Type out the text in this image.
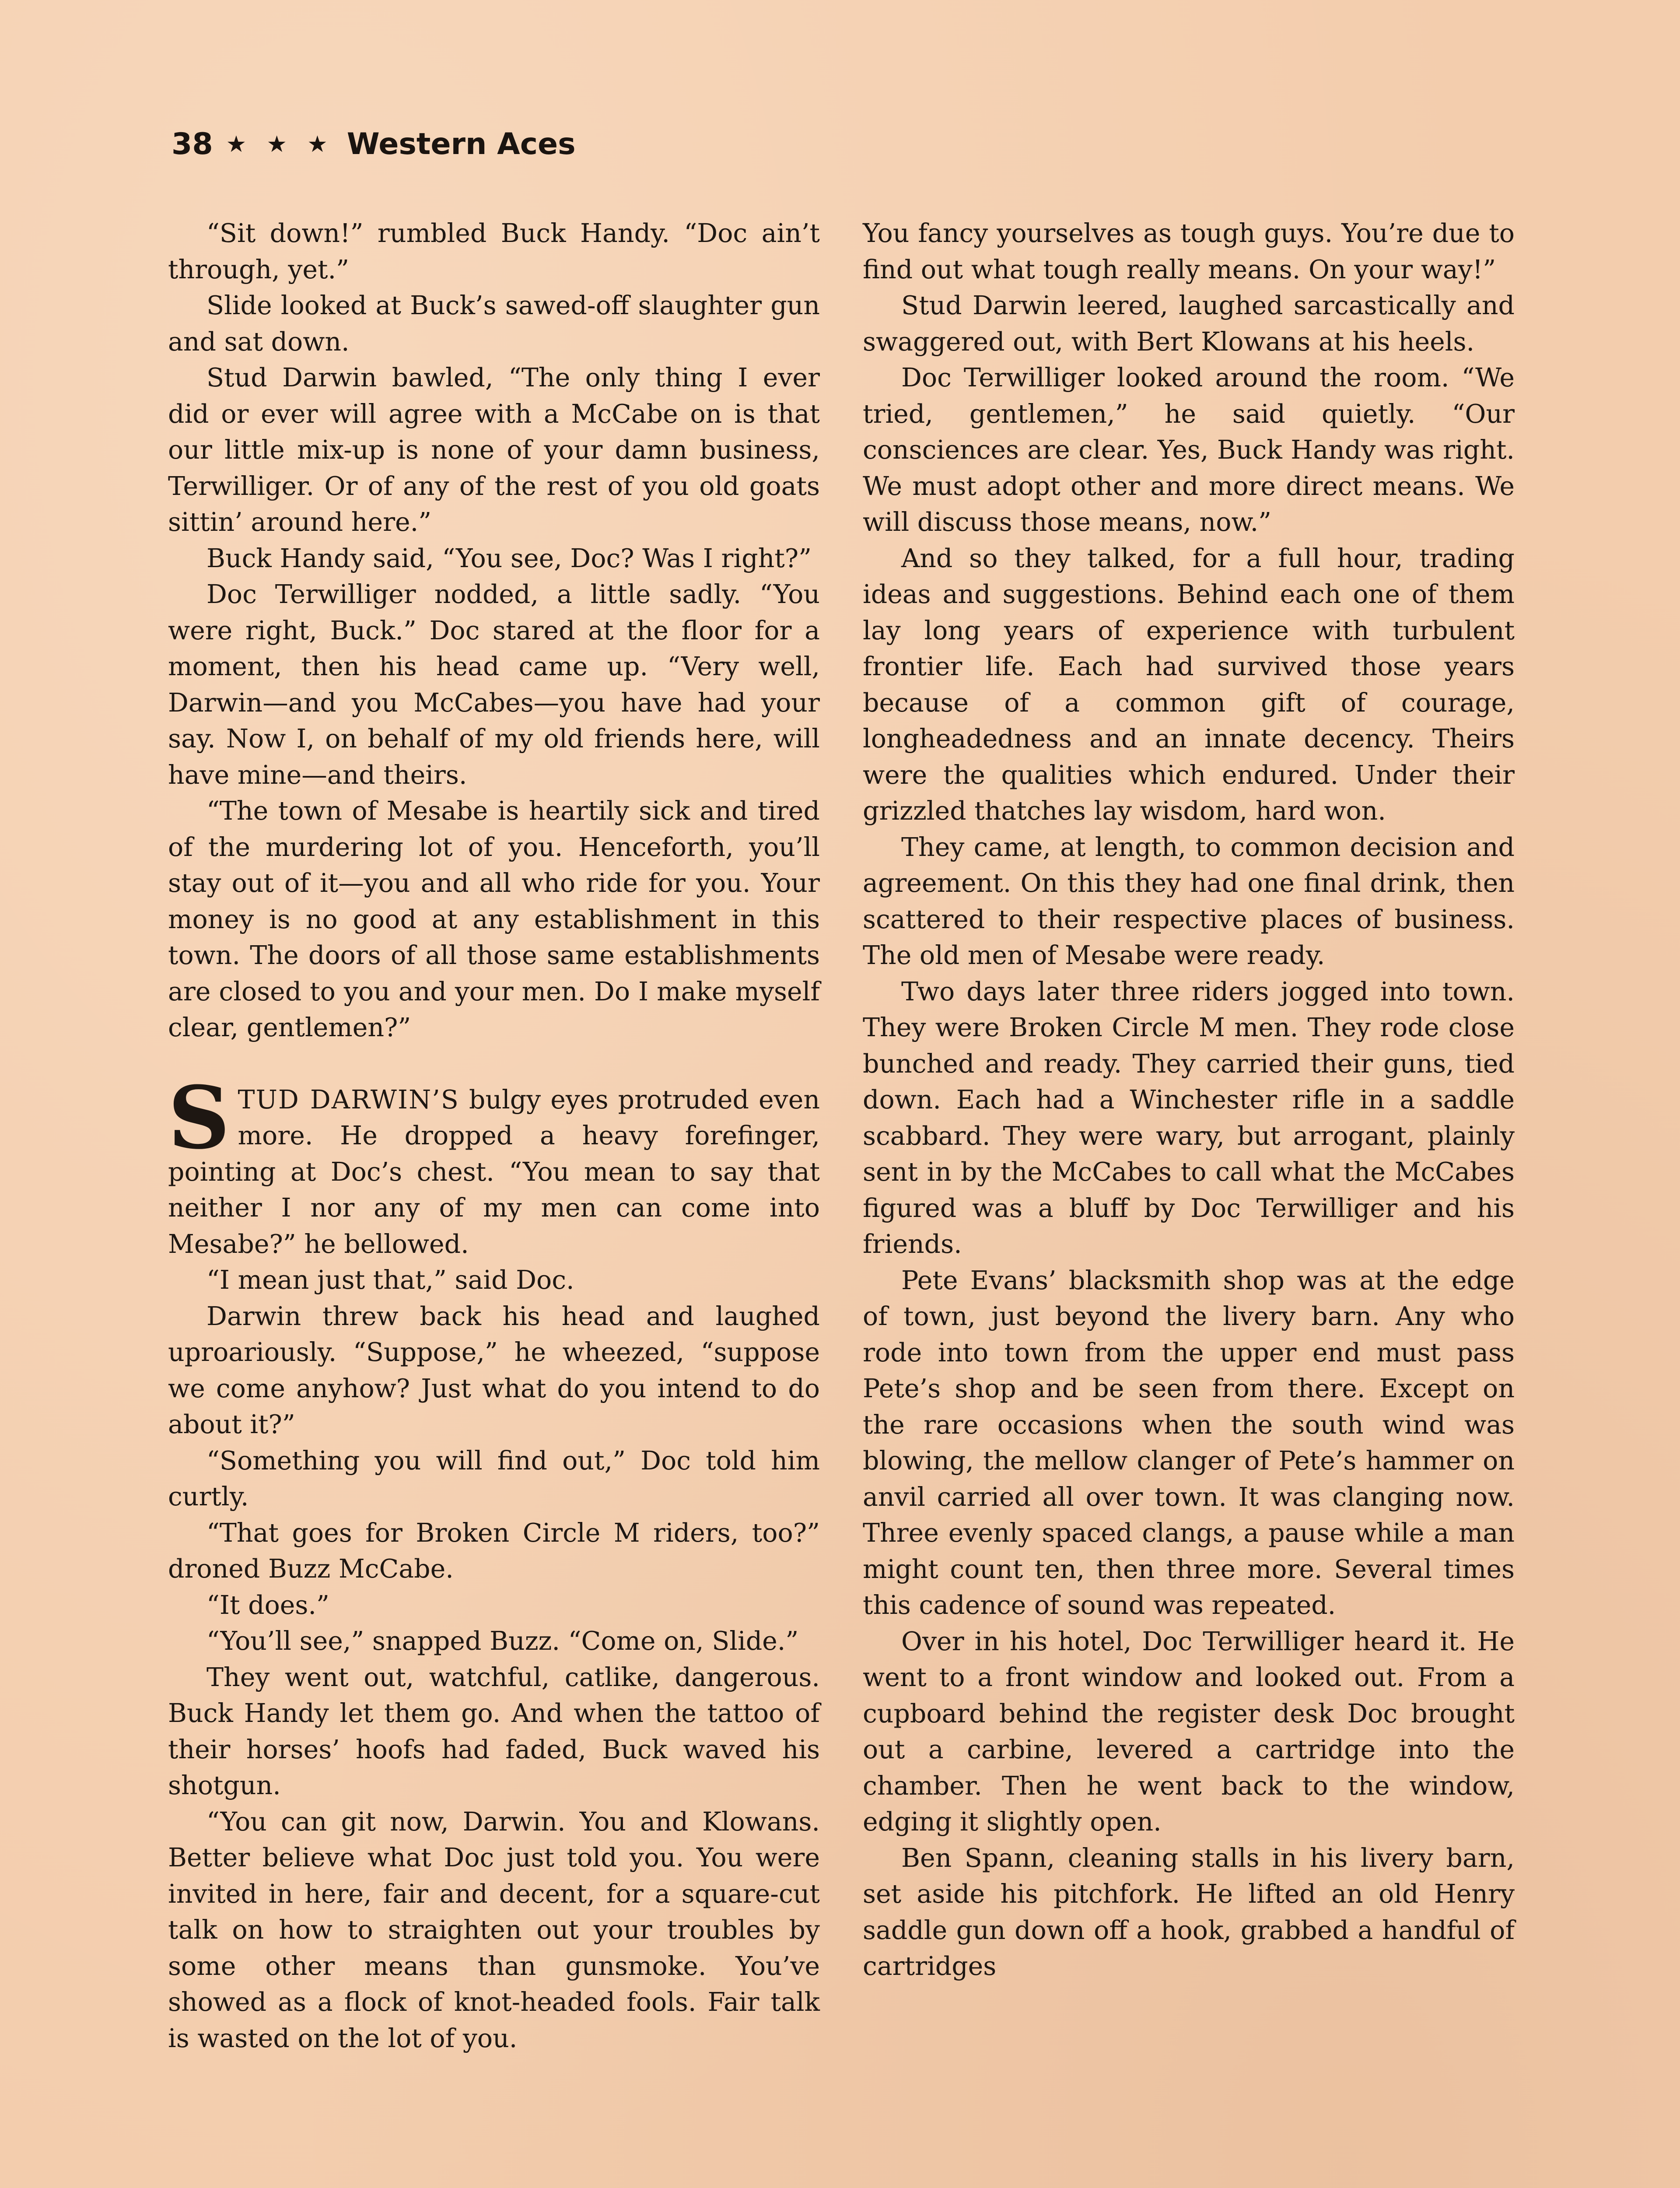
38 ★ ★ ★ Western Aces

“Sit down!” rumbled Buck Handy. “Doc ain’t through, yet.”

Slide looked at Buck’s sawed-off slaughter gun and sat down.

Stud Darwin bawled, “The only thing I ever did or ever will agree with a McCabe on is that our little mix-up is none of your damn business, Terwilliger. Or of any of the rest of you old goats sittin’ around here.”

Buck Handy said, “You see, Doc? Was I right?”

Doc Terwilliger nodded, a little sadly. “You were right, Buck.” Doc stared at the floor for a moment, then his head came up. “Very well, Darwin—and you McCabes—you have had your say. Now I, on behalf of my old friends here, will have mine—and theirs.

“The town of Mesabe is heartily sick and tired of the murdering lot of you. Henceforth, you’ll stay out of it—you and all who ride for you. Your money is no good at any establishment in this town. The doors of all those same establishments are closed to you and your men. Do I make myself clear, gentlemen?”

STUD DARWIN’S bulgy eyes protruded even more. He dropped a heavy forefinger, pointing at Doc’s chest. “You mean to say that neither I nor any of my men can come into Mesabe?” he bellowed.

“I mean just that,” said Doc.

Darwin threw back his head and laughed uproariously. “Suppose,” he wheezed, “suppose we come anyhow? Just what do you intend to do about it?”

“Something you will find out,” Doc told him curtly.

“That goes for Broken Circle M riders, too?” droned Buzz McCabe.

“It does.”

“You’ll see,” snapped Buzz. “Come on, Slide.”

They went out, watchful, catlike, dangerous. Buck Handy let them go. And when the tattoo of their horses’ hoofs had faded, Buck waved his shotgun.

“You can git now, Darwin. You and Klowans. Better believe what Doc just told you. You were invited in here, fair and decent, for a square-cut talk on how to straighten out your troubles by some other means than gunsmoke. You’ve showed as a flock of knot-headed fools. Fair talk is wasted on the lot of you.

You fancy yourselves as tough guys. You’re due to find out what tough really means. On your way!”

Stud Darwin leered, laughed sarcastically and swaggered out, with Bert Klowans at his heels.

Doc Terwilliger looked around the room. “We tried, gentlemen,” he said quietly. “Our consciences are clear. Yes, Buck Handy was right. We must adopt other and more direct means. We will discuss those means, now.”

And so they talked, for a full hour, trading ideas and suggestions. Behind each one of them lay long years of experience with turbulent frontier life. Each had survived those years because of a common gift of courage, longheadedness and an innate decency. Theirs were the qualities which endured. Under their grizzled thatches lay wisdom, hard won.

They came, at length, to common decision and agreement. On this they had one final drink, then scattered to their respective places of business. The old men of Mesabe were ready.

Two days later three riders jogged into town. They were Broken Circle M men. They rode close bunched and ready. They carried their guns, tied down. Each had a Winchester rifle in a saddle scabbard. They were wary, but arrogant, plainly sent in by the McCabes to call what the McCabes figured was a bluff by Doc Terwilliger and his friends.

Pete Evans’ blacksmith shop was at the edge of town, just beyond the livery barn. Any who rode into town from the upper end must pass Pete’s shop and be seen from there. Except on the rare occasions when the south wind was blowing, the mellow clanger of Pete’s hammer on anvil carried all over town. It was clanging now. Three evenly spaced clangs, a pause while a man might count ten, then three more. Several times this cadence of sound was repeated.

Over in his hotel, Doc Terwilliger heard it. He went to a front window and looked out. From a cupboard behind the register desk Doc brought out a carbine, levered a cartridge into the chamber. Then he went back to the window, edging it slightly open.

Ben Spann, cleaning stalls in his livery barn, set aside his pitchfork. He lifted an old Henry saddle gun down off a hook, grabbed a handful of cartridges
